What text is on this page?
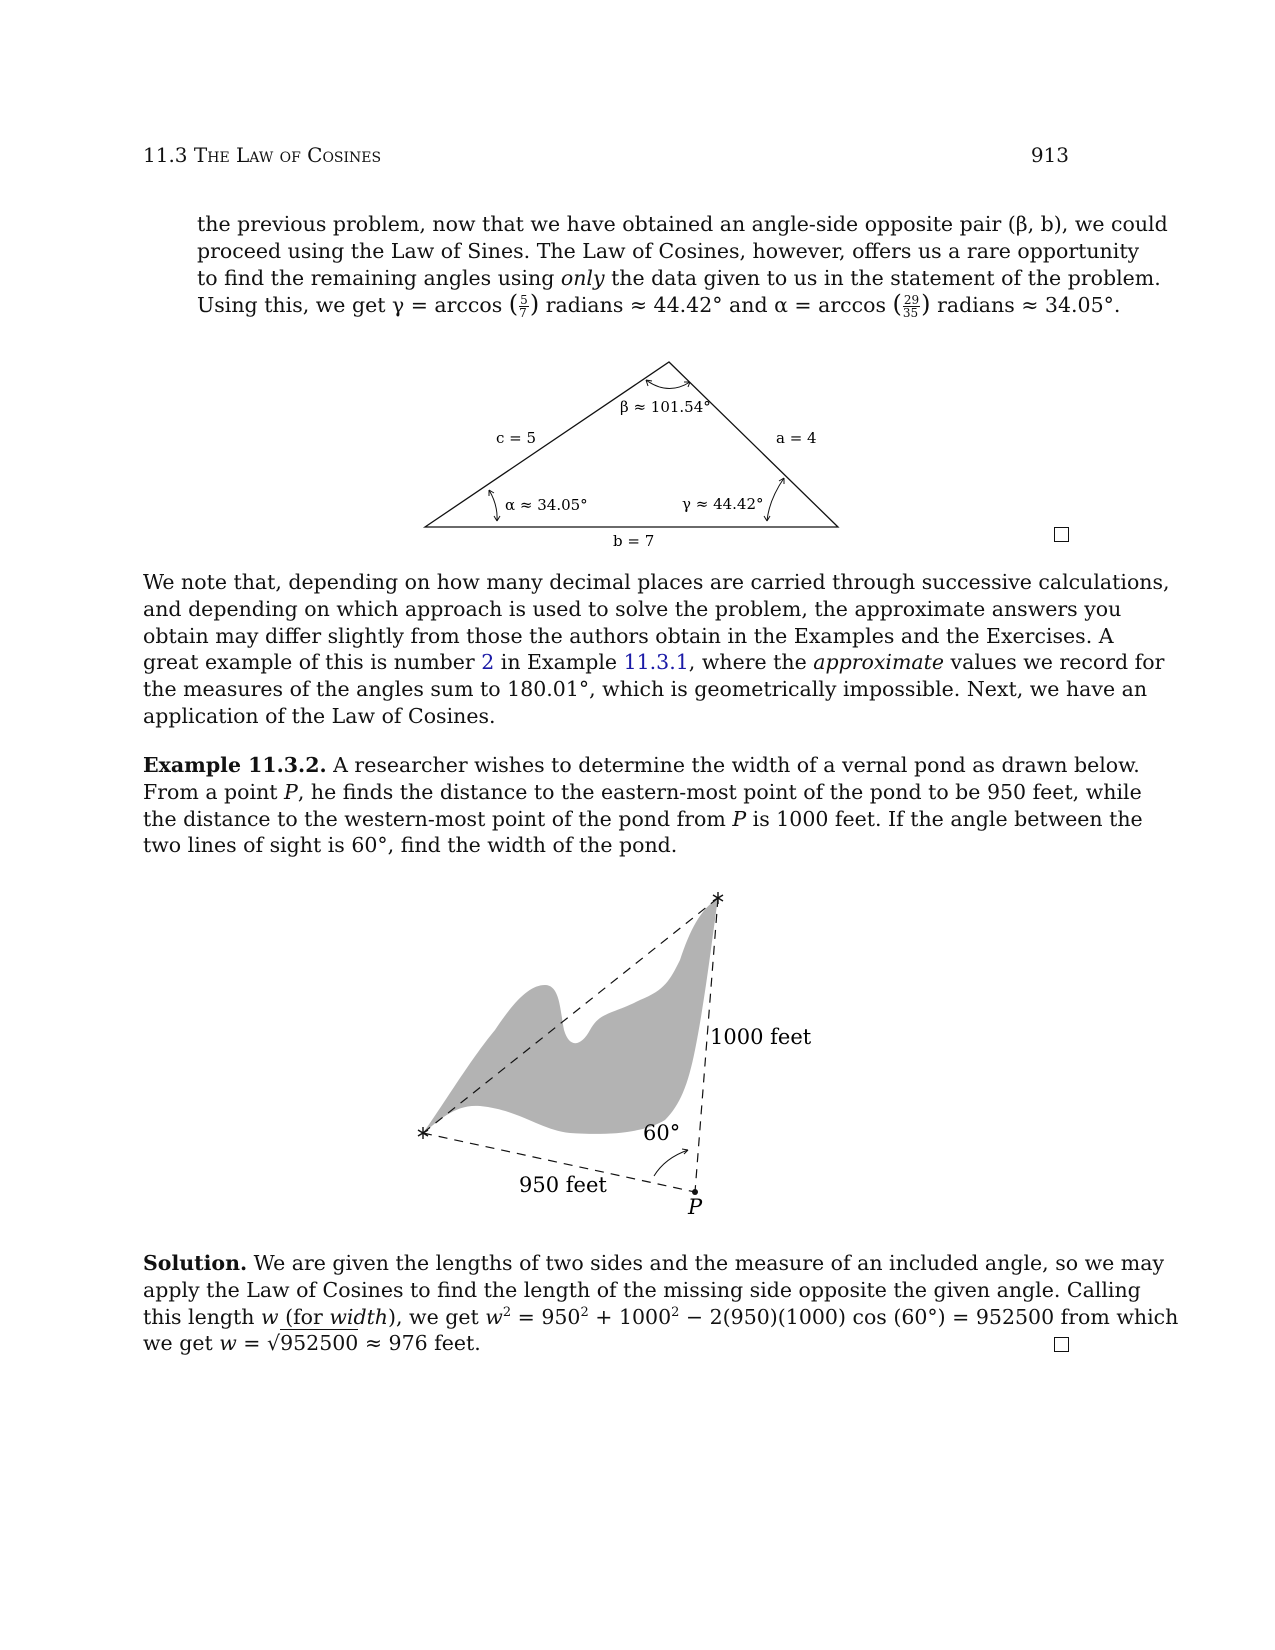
11.3 The Law of Cosines	913
the previous problem, now that we have obtained an angle-side opposite pair (β, b), we could
proceed using the Law of Sines. The Law of Cosines, however, offers us a rare opportunity
to find the remaining angles using only the data given to us in the statement of the problem.
Using this, we get γ = arccos ( $\frac{5}{7}$ ) radians ≈ 44.42° and α = arccos ( $\frac{29}{35}$ ) radians ≈ 34.05°.
β ≈ 101.54°
c = 5	a = 4
α ≈ 34.05°	γ ≈ 44.42°
b = 7
We note that, depending on how many decimal places are carried through successive calculations,
and depending on which approach is used to solve the problem, the approximate answers you
obtain may differ slightly from those the authors obtain in the Examples and the Exercises. A
great example of this is number 2 in Example 11.3.1, where the approximate values we record for
the measures of the angles sum to 180.01°, which is geometrically impossible. Next, we have an
application of the Law of Cosines.
Example 11.3.2. A researcher wishes to determine the width of a vernal pond as drawn below.
From a point P, he finds the distance to the eastern-most point of the pond to be 950 feet, while
the distance to the western-most point of the pond from P is 1000 feet. If the angle between the
two lines of sight is 60°, find the width of the pond.
1000 feet
950 feet
60°
P
Solution. We are given the lengths of two sides and the measure of an included angle, so we may
apply the Law of Cosines to find the length of the missing side opposite the given angle. Calling
this length w (for width), we get $w^2 = 950^2 + 1000^2 - 2(950)(1000)$ cos (60°) = 952500 from which
we get w = √952500 ≈ 976 feet.
